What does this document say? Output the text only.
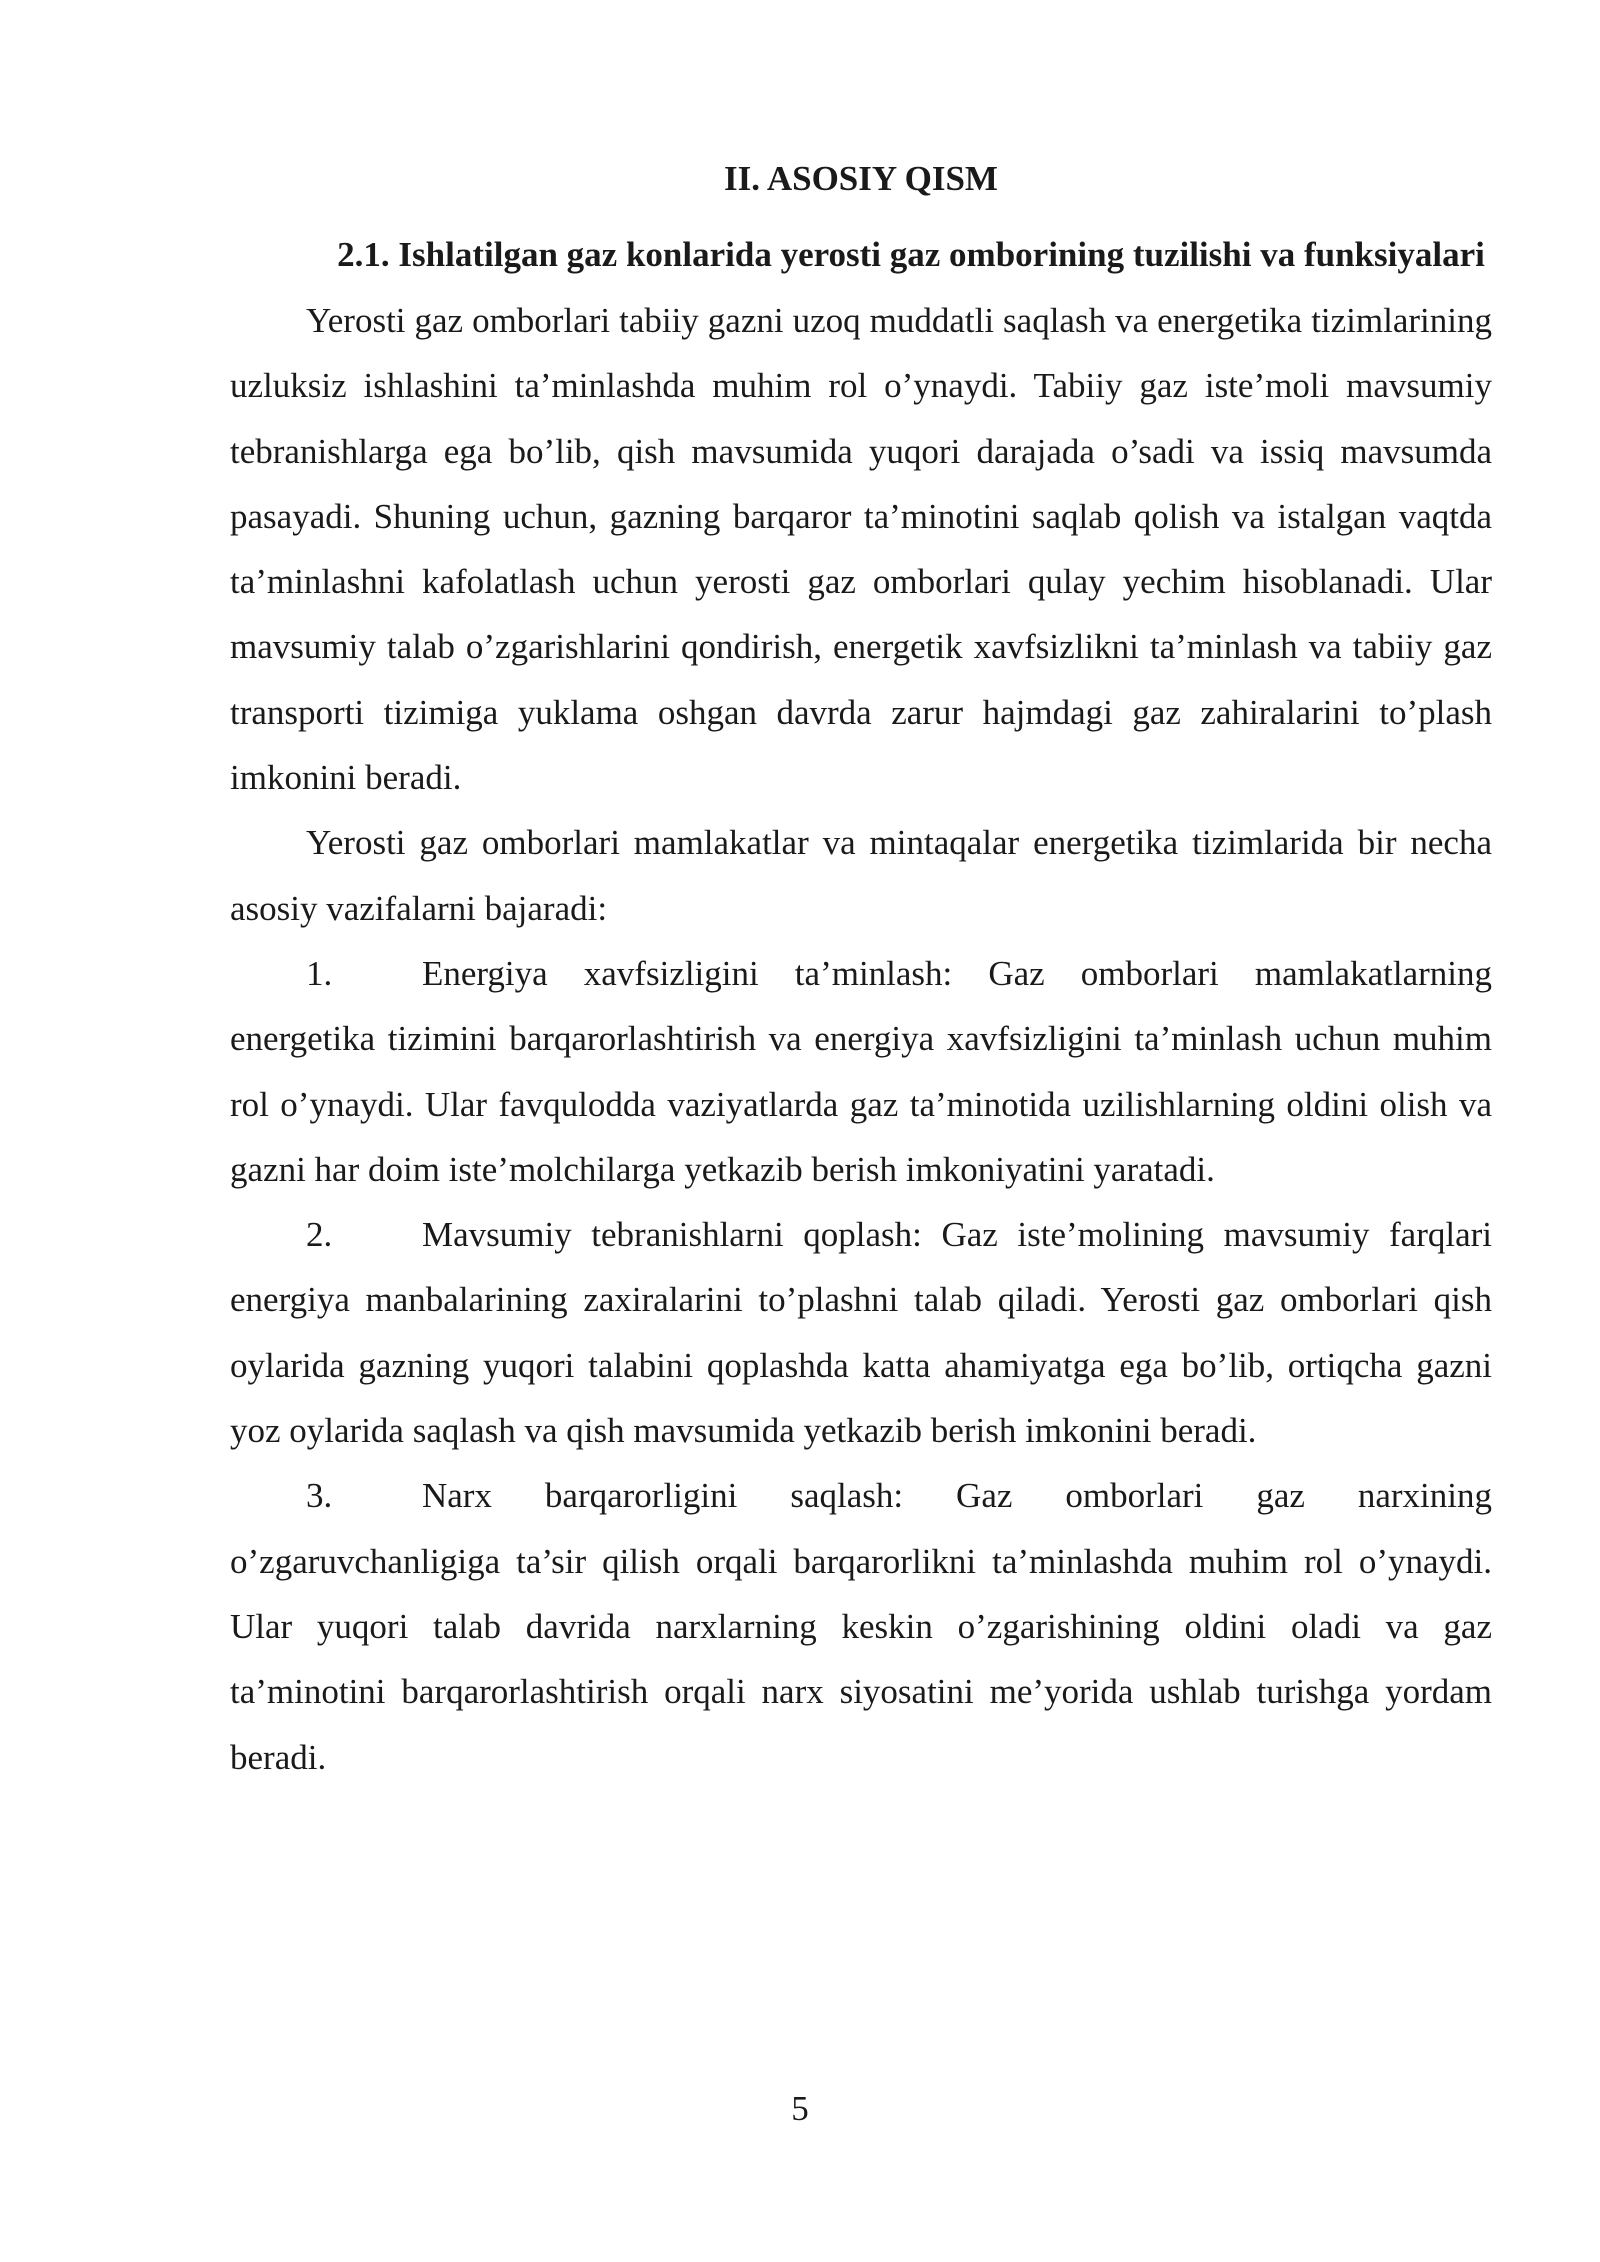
II. ASOSIY QISM
2.1. Ishlatilgan gaz konlarida yerosti gaz omborining tuzilishi va funksiyalari

Yerosti gaz omborlari tabiiy gazni uzoq muddatli saqlash va energetika tizimlarining uzluksiz ishlashini ta’minlashda muhim rol o’ynaydi. Tabiiy gaz iste’moli mavsumiy tebranishlarga ega bo’lib, qish mavsumida yuqori darajada o’sadi va issiq mavsumda pasayadi. Shuning uchun, gazning barqaror ta’minotini saqlab qolish va istalgan vaqtda ta’minlashni kafolatlash uchun yerosti gaz omborlari qulay yechim hisoblanadi. Ular mavsumiy talab o’zgarishlarini qondirish, energetik xavfsizlikni ta’minlash va tabiiy gaz transporti tizimiga yuklama oshgan davrda zarur hajmdagi gaz zahiralarini to’plash imkonini beradi.

Yerosti gaz omborlari mamlakatlar va mintaqalar energetika tizimlarida bir necha asosiy vazifalarni bajaradi:

1.	Energiya xavfsizligini ta’minlash: Gaz omborlari mamlakatlarning energetika tizimini barqarorlashtirish va energiya xavfsizligini ta’minlash uchun muhim rol o’ynaydi. Ular favqulodda vaziyatlarda gaz ta’minotida uzilishlarning oldini olish va gazni har doim iste’molchilarga yetkazib berish imkoniyatini yaratadi.

2.	Mavsumiy tebranishlarni qoplash: Gaz iste’molining mavsumiy farqlari energiya manbalarining zaxiralarini to’plashni talab qiladi. Yerosti gaz omborlari qish oylarida gazning yuqori talabini qoplashda katta ahamiyatga ega bo’lib, ortiqcha gazni yoz oylarida saqlash va qish mavsumida yetkazib berish imkonini beradi.

3.	Narx barqarorligini saqlash: Gaz omborlari gaz narxining o’zgaruvchanligiga ta’sir qilish orqali barqarorlikni ta’minlashda muhim rol o’ynaydi. Ular yuqori talab davrida narxlarning keskin o’zgarishining oldini oladi va gaz ta’minotini barqarorlashtirish orqali narx siyosatini me’yorida ushlab turishga yordam beradi.

5
